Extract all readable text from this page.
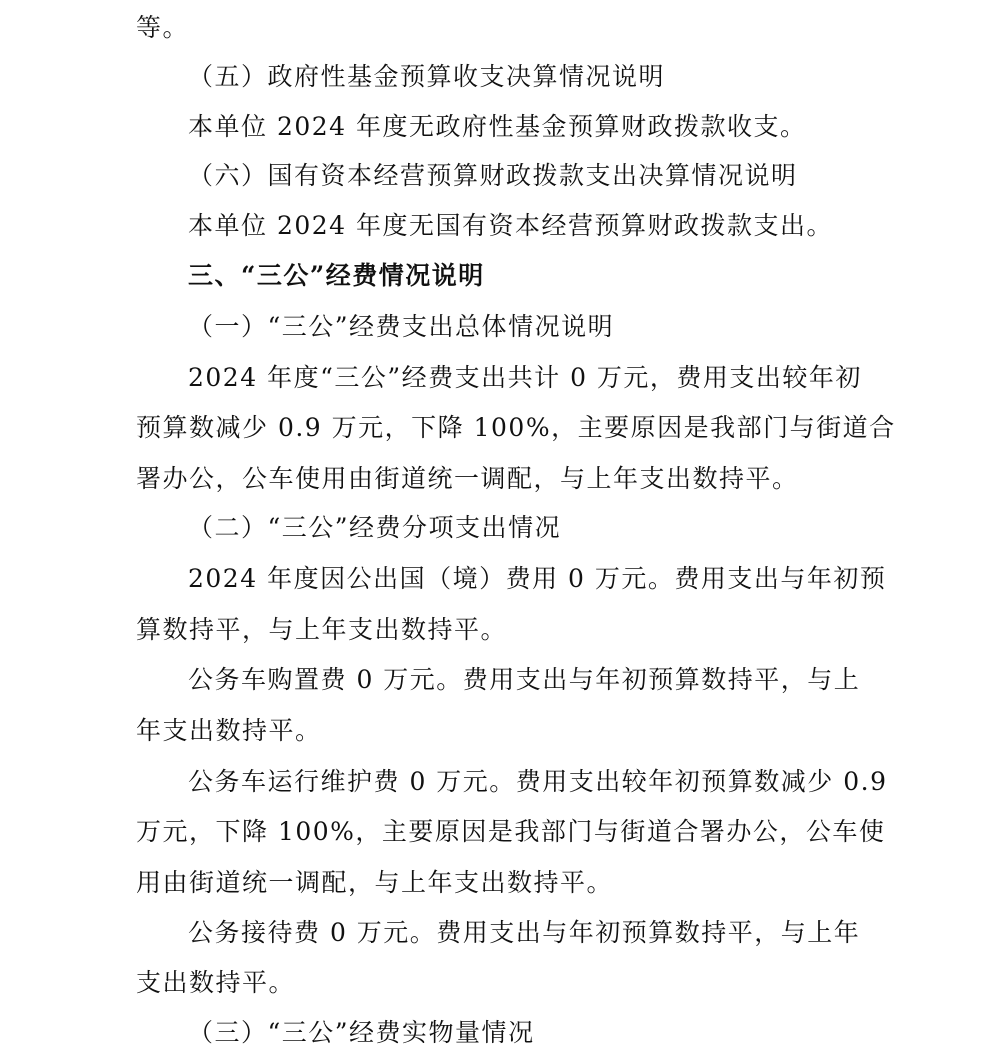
等。
（五）政府性基金预算收支决算情况说明
本单位 2024 年度无政府性基金预算财政拨款收支。
（六）国有资本经营预算财政拨款支出决算情况说明
本单位 2024 年度无国有资本经营预算财政拨款支出。
三、“三公”经费情况说明
（一）“三公”经费支出总体情况说明
2024 年度“三公”经费支出共计 0 万元，费用支出较年初
预算数减少 0.9 万元，下降 100%，主要原因是我部门与街道合
署办公，公车使用由街道统一调配，与上年支出数持平。
（二）“三公”经费分项支出情况
2024 年度因公出国（境）费用 0 万元。费用支出与年初预
算数持平，与上年支出数持平。
公务车购置费 0 万元。费用支出与年初预算数持平，与上
年支出数持平。
公务车运行维护费 0 万元。费用支出较年初预算数减少 0.9
万元，下降 100%，主要原因是我部门与街道合署办公，公车使
用由街道统一调配，与上年支出数持平。
公务接待费 0 万元。费用支出与年初预算数持平，与上年
支出数持平。
（三）“三公”经费实物量情况
